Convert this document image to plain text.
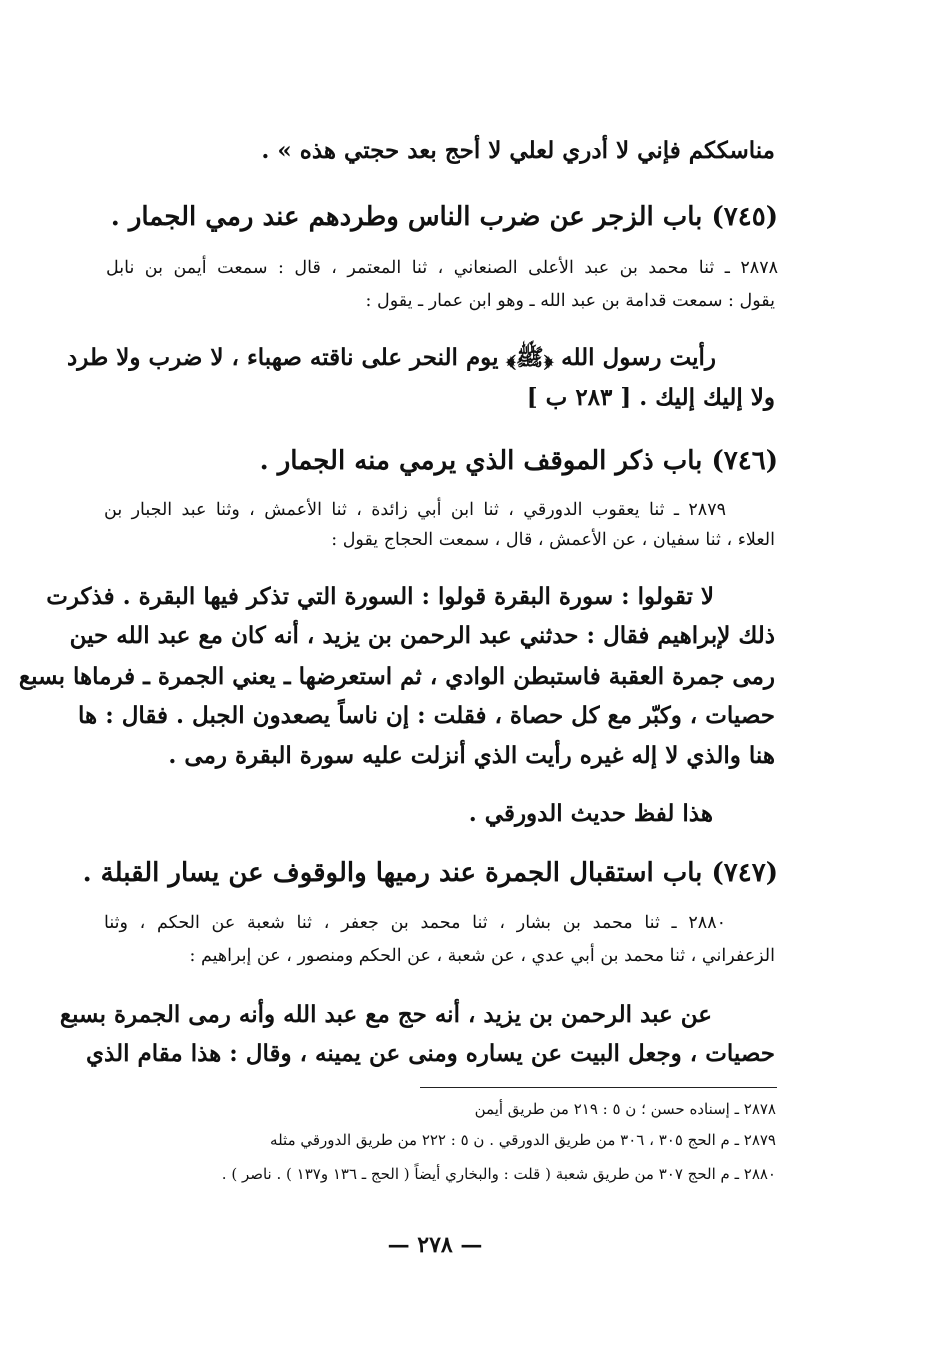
مناسككم فإني لا أدري لعلي لا أحج بعد حجتي هذه » .

(٧٤٥) باب الزجر عن ضرب الناس وطردهم عند رمي الجمار .

٢٨٧٨ ـ ثنا محمد بن عبد الأعلى الصنعاني ، ثنا المعتمر ، قال : سمعت أيمن بن نابل

يقول : سمعت قدامة بن عبد الله ـ وهو ابن عمار ـ يقول :

رأيت رسول الله ﴿ﷺ﴾ يوم النحر على ناقته صهباء ، لا ضرب ولا طرد

ولا إليك إليك . [ ٢٨٣ ب ]

(٧٤٦) باب ذكر الموقف الذي يرمي منه الجمار .

٢٨٧٩ ـ ثنا يعقوب الدورقي ، ثنا ابن أبي زائدة ، ثنا الأعمش ، وثنا عبد الجبار بن

العلاء ، ثنا سفيان ، عن الأعمش ، قال ، سمعت الحجاج يقول :

لا تقولوا : سورة البقرة قولوا : السورة التي تذكر فيها البقرة . فذكرت

ذلك لإبراهيم فقال : حدثني عبد الرحمن بن يزيد ، أنه كان مع عبد الله حين

رمى جمرة العقبة فاستبطن الوادي ، ثم استعرضها ـ يعني الجمرة ـ فرماها بسبع

حصيات ، وكبّر مع كل حصاة ، فقلت : إن ناساً يصعدون الجبل . فقال : ها

هنا والذي لا إله غيره رأيت الذي أنزلت عليه سورة البقرة رمى .

هذا لفظ حديث الدورقي .

(٧٤٧) باب استقبال الجمرة عند رميها والوقوف عن يسار القبلة .

٢٨٨٠ ـ ثنا محمد بن بشار ، ثنا محمد بن جعفر ، ثنا شعبة عن الحكم ، وثنا

الزعفراني ، ثنا محمد بن أبي عدي ، عن شعبة ، عن الحكم ومنصور ، عن إبراهيم :

عن عبد الرحمن بن يزيد ، أنه حج مع عبد الله وأنه رمى الجمرة بسبع

حصيات ، وجعل البيت عن يساره ومنى عن يمينه ، وقال : هذا مقام الذي

٢٨٧٨ ـ إسناده حسن ؛ ن ٥ : ٢١٩ من طريق أيمن

٢٨٧٩ ـ م الحج ٣٠٥ ، ٣٠٦ من طريق الدورقي . ن ٥ : ٢٢٢ من طريق الدورقي مثله

٢٨٨٠ ـ م الحج ٣٠٧ من طريق شعبة ( قلت : والبخاري أيضاً ( الحج ـ ١٣٦ و١٣٧ ) . ناصر ) .

— ٢٧٨ —
